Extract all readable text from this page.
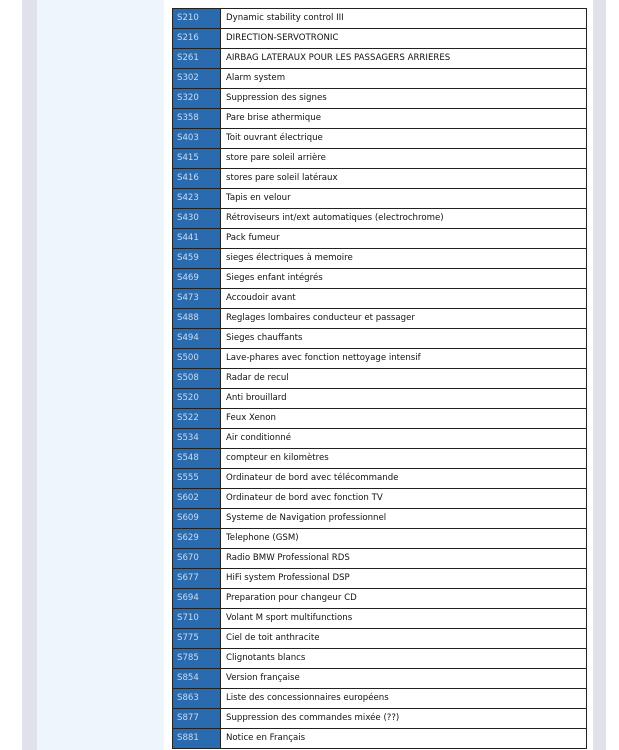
S210	Dynamic stability control III
S216	DIRECTION-SERVOTRONIC
S261	AIRBAG LATERAUX POUR LES PASSAGERS ARRIERES
S302	Alarm system
S320	Suppression des signes
S358	Pare brise athermique
S403	Toit ouvrant électrique
S415	store pare soleil arrière
S416	stores pare soleil latéraux
S423	Tapis en velour
S430	Rétroviseurs int/ext automatiques (electrochrome)
S441	Pack fumeur
S459	sieges électriques à memoire
S469	Sieges enfant intégrés
S473	Accoudoir avant
S488	Reglages lombaires conducteur et passager
S494	Sieges chauffants
S500	Lave-phares avec fonction nettoyage intensif
S508	Radar de recul
S520	Anti brouillard
S522	Feux Xenon
S534	Air conditionné
S548	compteur en kilomètres
S555	Ordinateur de bord avec télécommande
S602	Ordinateur de bord avec fonction TV
S609	Systeme de Navigation professionnel
S629	Telephone (GSM)
S670	Radio BMW Professional RDS
S677	HiFi system Professional DSP
S694	Preparation pour changeur CD
S710	Volant M sport multifunctions
S775	Ciel de toit anthracite
S785	Clignotants blancs
S854	Version française
S863	Liste des concessionnaires européens
S877	Suppression des commandes mixée (??)
S881	Notice en Français
